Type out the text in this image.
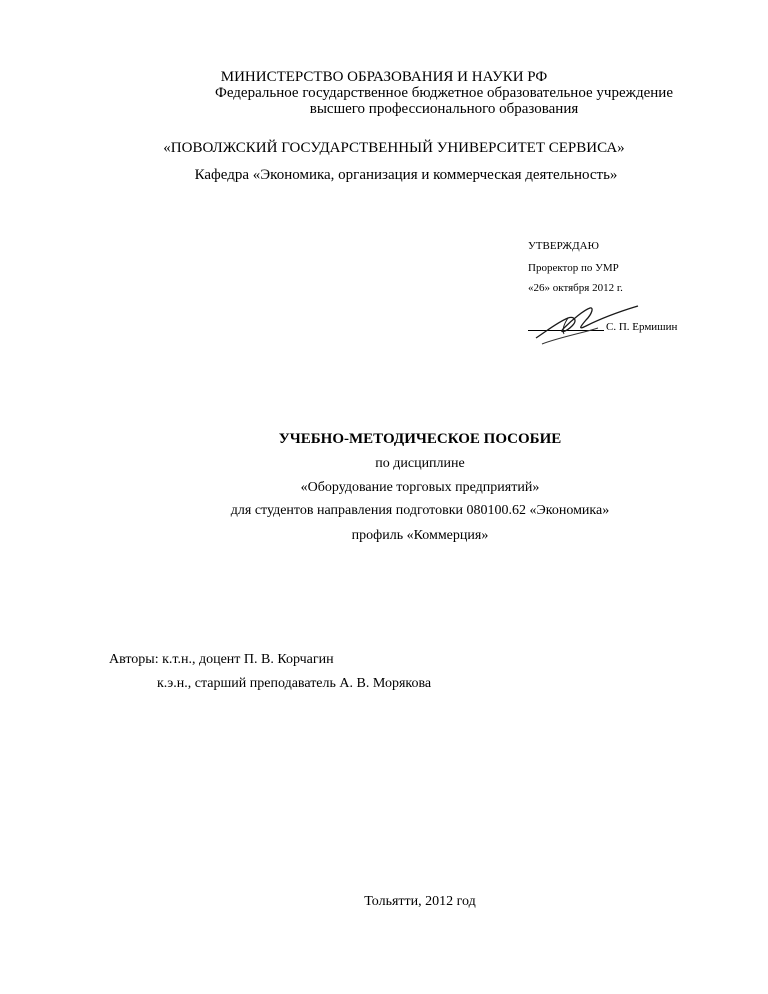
МИНИСТЕРСТВО ОБРАЗОВАНИЯ И НАУКИ РФ
Федеральное государственное бюджетное образовательное учреждение
высшего профессионального образования
«ПОВОЛЖСКИЙ ГОСУДАРСТВЕННЫЙ УНИВЕРСИТЕТ СЕРВИСА»
Кафедра «Экономика, организация и коммерческая деятельность»
УТВЕРЖДАЮ
Проректор по УМР
«26» октября 2012 г.
С. П. Ермишин
УЧЕБНО-МЕТОДИЧЕСКОЕ ПОСОБИЕ
по дисциплине
«Оборудование торговых предприятий»
для студентов направления подготовки 080100.62 «Экономика»
профиль «Коммерция»
Авторы: к.т.н., доцент П. В. Корчагин
к.э.н., старший преподаватель А. В. Морякова
Тольятти, 2012 год
